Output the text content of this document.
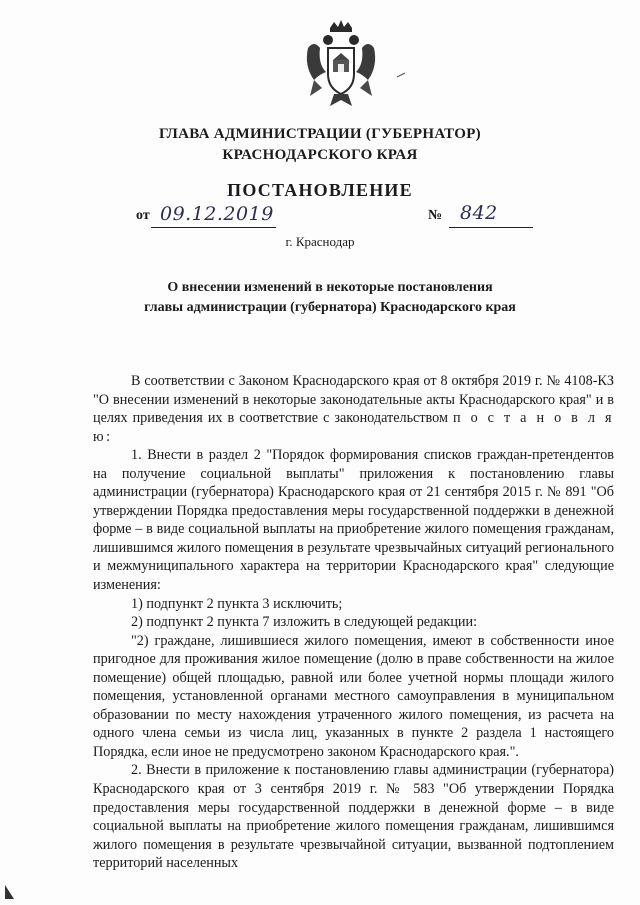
ГЛАВА АДМИНИСТРАЦИИ (ГУБЕРНАТОР)
КРАСНОДАРСКОГО КРАЯ
ПОСТАНОВЛЕНИЕ
от 09.12.2019	№ 842
г. Краснодар
О внесении изменений в некоторые постановления
главы администрации (губернатора) Краснодарского края

В соответствии с Законом Краснодарского края от 8 октября 2019 г. № 4108-КЗ "О внесении изменений в некоторые законодательные акты Краснодарского края" и в целях приведения их в соответствие с законодательством п о с т а н о в л я ю:

1. Внести в раздел 2 "Порядок формирования списков граждан-претендентов на получение социальной выплаты" приложения к постановлению главы администрации (губернатора) Краснодарского края от 21 сентября 2015 г. № 891 "Об утверждении Порядка предоставления меры государственной поддержки в денежной форме – в виде социальной выплаты на приобретение жилого помещения гражданам, лишившимся жилого помещения в результате чрезвычайных ситуаций регионального и межмуниципального характера на территории Краснодарского края" следующие изменения:

1) подпункт 2 пункта 3 исключить;

2) подпункт 2 пункта 7 изложить в следующей редакции:

"2) граждане, лишившиеся жилого помещения, имеют в собственности иное пригодное для проживания жилое помещение (долю в праве собственности на жилое помещение) общей площадью, равной или более учетной нормы площади жилого помещения, установленной органами местного самоуправления в муниципальном образовании по месту нахождения утраченного жилого помещения, из расчета на одного члена семьи из числа лиц, указанных в пункте 2 раздела 1 настоящего Порядка, если иное не предусмотрено законом Краснодарского края.".

2. Внести в приложение к постановлению главы администрации (губернатора) Краснодарского края от 3 сентября 2019 г. № 583 "Об утверждении Порядка предоставления меры государственной поддержки в денежной форме – в виде социальной выплаты на приобретение жилого помещения гражданам, лишившимся жилого помещения в результате чрезвычайной ситуации, вызванной подтоплением территорий населенных
